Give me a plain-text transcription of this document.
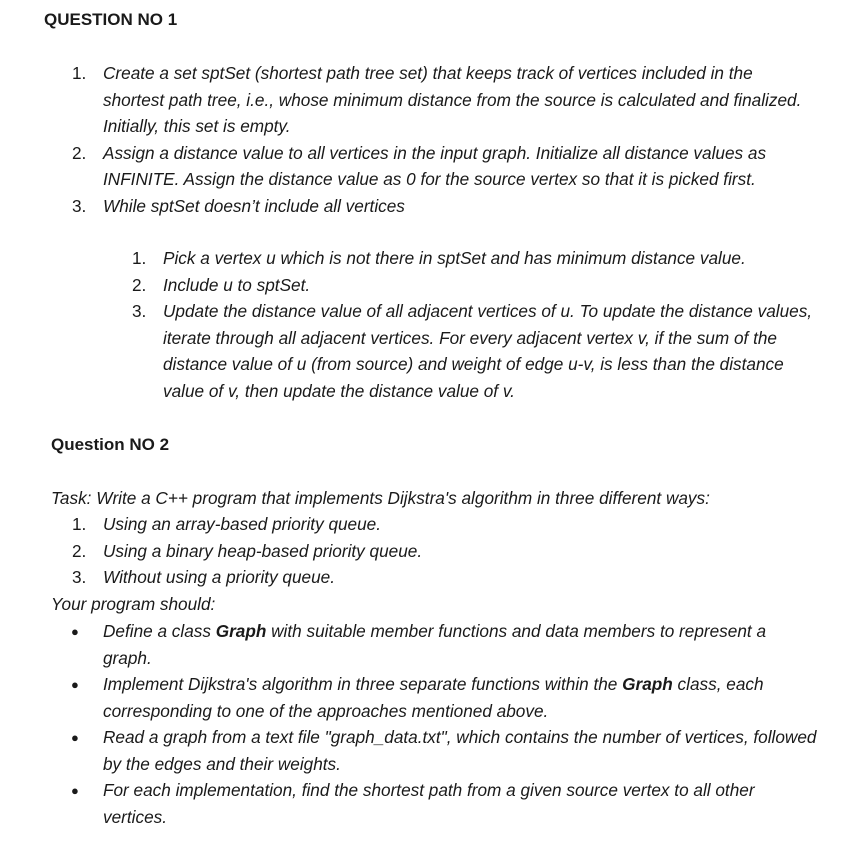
QUESTION NO 1
1. Create a set sptSet (shortest path tree set) that keeps track of vertices included in the shortest path tree, i.e., whose minimum distance from the source is calculated and finalized. Initially, this set is empty.
2. Assign a distance value to all vertices in the input graph. Initialize all distance values as INFINITE. Assign the distance value as 0 for the source vertex so that it is picked first.
3. While sptSet doesn’t include all vertices
1. Pick a vertex u which is not there in sptSet and has minimum distance value.
2. Include u to sptSet.
3. Update the distance value of all adjacent vertices of u. To update the distance values, iterate through all adjacent vertices. For every adjacent vertex v, if the sum of the distance value of u (from source) and weight of edge u-v, is less than the distance value of v, then update the distance value of v.
Question NO 2

Task: Write a C++ program that implements Dijkstra's algorithm in three different ways:

1. Using an array-based priority queue.
2. Using a binary heap-based priority queue.
3. Without using a priority queue.

Your program should:

● Define a class Graph with suitable member functions and data members to represent a graph.
● Implement Dijkstra's algorithm in three separate functions within the Graph class, each corresponding to one of the approaches mentioned above.
● Read a graph from a text file "graph_data.txt", which contains the number of vertices, followed by the edges and their weights.
● For each implementation, find the shortest path from a given source vertex to all other vertices.
